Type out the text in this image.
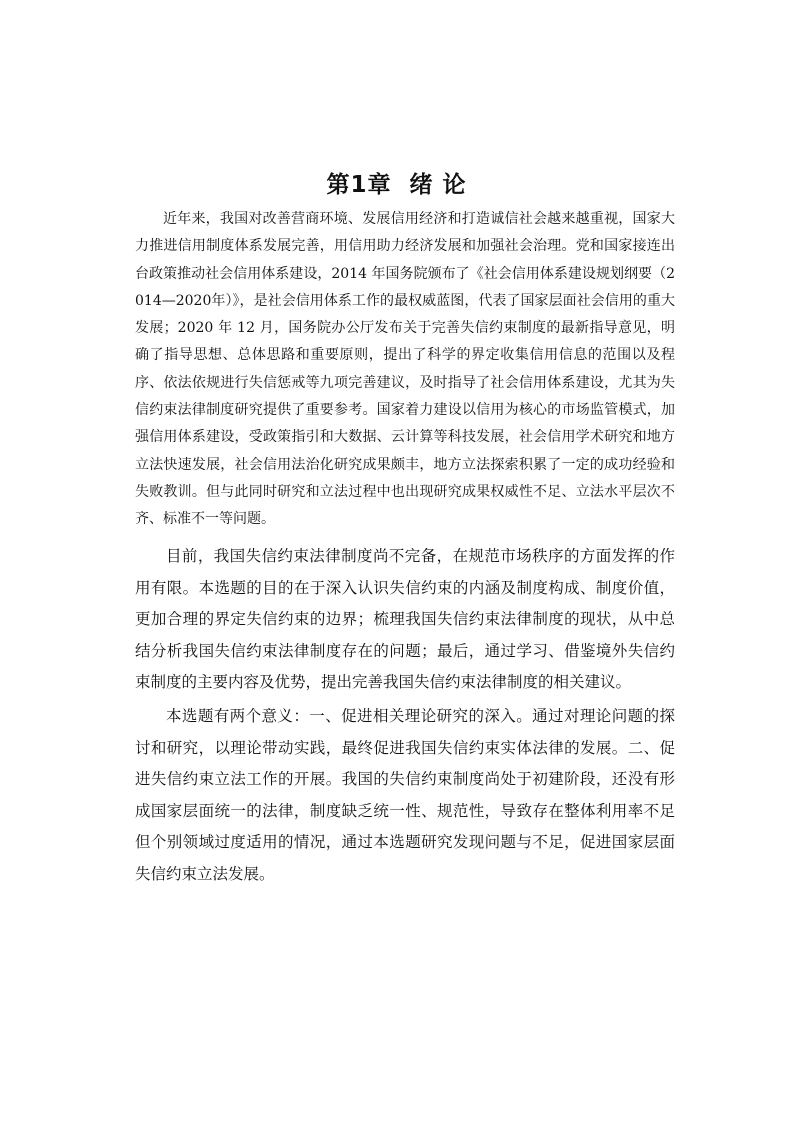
第1章 绪 论

近年来，我国对改善营商环境、发展信用经济和打造诚信社会越来越重视，国家大力推进信用制度体系发展完善，用信用助力经济发展和加强社会治理。党和国家接连出台政策推动社会信用体系建设，2014 年国务院颁布了《社会信用体系建设规划纲要（2014—2020年）》，是社会信用体系工作的最权威蓝图，代表了国家层面社会信用的重大发展；2020 年 12 月，国务院办公厅发布关于完善失信约束制度的最新指导意见，明确了指导思想、总体思路和重要原则，提出了科学的界定收集信用信息的范围以及程序、依法依规进行失信惩戒等九项完善建议，及时指导了社会信用体系建设，尤其为失信约束法律制度研究提供了重要参考。国家着力建设以信用为核心的市场监管模式，加强信用体系建设，受政策指引和大数据、云计算等科技发展，社会信用学术研究和地方立法快速发展，社会信用法治化研究成果颇丰，地方立法探索积累了一定的成功经验和失败教训。但与此同时研究和立法过程中也出现研究成果权威性不足、立法水平层次不齐、标准不一等问题。

目前，我国失信约束法律制度尚不完备，在规范市场秩序的方面发挥的作用有限。本选题的目的在于深入认识失信约束的内涵及制度构成、制度价值，更加合理的界定失信约束的边界；梳理我国失信约束法律制度的现状，从中总结分析我国失信约束法律制度存在的问题；最后，通过学习、借鉴境外失信约束制度的主要内容及优势，提出完善我国失信约束法律制度的相关建议。

本选题有两个意义：一、促进相关理论研究的深入。通过对理论问题的探讨和研究，以理论带动实践，最终促进我国失信约束实体法律的发展。二、促进失信约束立法工作的开展。我国的失信约束制度尚处于初建阶段，还没有形成国家层面统一的法律，制度缺乏统一性、规范性，导致存在整体利用率不足但个别领域过度适用的情况，通过本选题研究发现问题与不足，促进国家层面失信约束立法发展。
